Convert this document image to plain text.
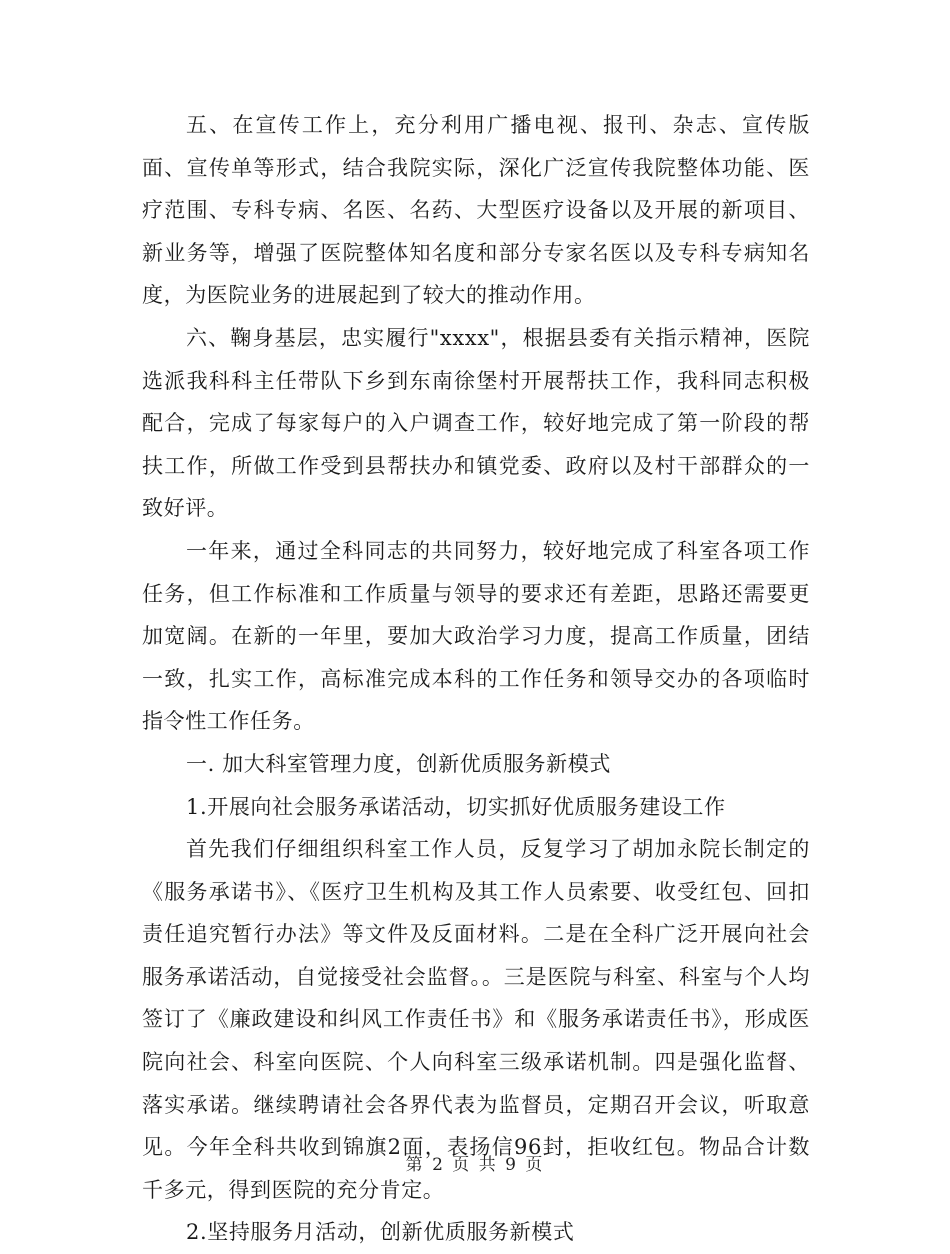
五、在宣传工作上，充分利用广播电视、报刊、杂志、宣传版面、宣传单等形式，结合我院实际，深化广泛宣传我院整体功能、医疗范围、专科专病、名医、名药、大型医疗设备以及开展的新项目、新业务等，增强了医院整体知名度和部分专家名医以及专科专病知名度，为医院业务的进展起到了较大的推动作用。

六、鞠身基层，忠实履行"xxxx"，根据县委有关指示精神，医院选派我科科主任带队下乡到东南徐堡村开展帮扶工作，我科同志积极配合，完成了每家每户的入户调查工作，较好地完成了第一阶段的帮扶工作，所做工作受到县帮扶办和镇党委、政府以及村干部群众的一致好评。

一年来，通过全科同志的共同努力，较好地完成了科室各项工作任务，但工作标准和工作质量与领导的要求还有差距，思路还需要更加宽阔。在新的一年里，要加大政治学习力度，提高工作质量，团结一致，扎实工作，高标准完成本科的工作任务和领导交办的各项临时指令性工作任务。

一. 加大科室管理力度，创新优质服务新模式

1.开展向社会服务承诺活动，切实抓好优质服务建设工作

首先我们仔细组织科室工作人员，反复学习了胡加永院长制定的《服务承诺书》、《医疗卫生机构及其工作人员索要、收受红包、回扣责任追究暂行办法》等文件及反面材料。二是在全科广泛开展向社会服务承诺活动，自觉接受社会监督。。三是医院与科室、科室与个人均签订了《廉政建设和纠风工作责任书》和《服务承诺责任书》，形成医院向社会、科室向医院、个人向科室三级承诺机制。四是强化监督、落实承诺。继续聘请社会各界代表为监督员，定期召开会议，听取意见。今年全科共收到锦旗2面，表扬信96封，拒收红包。物品合计数千多元，得到医院的充分肯定。

2.坚持服务月活动，创新优质服务新模式

第 2 页 共 9 页
